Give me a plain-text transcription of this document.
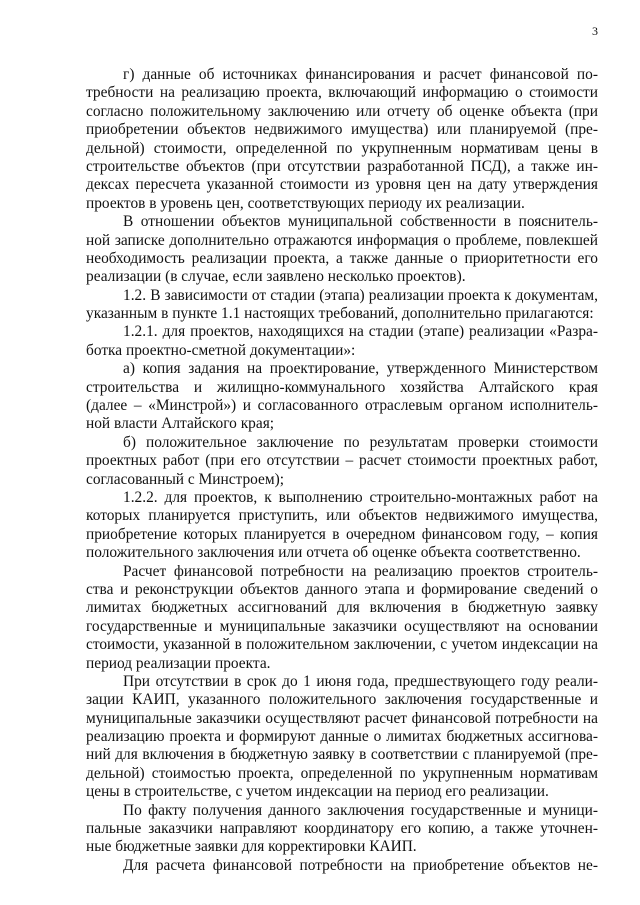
3
г) данные об источниках финансирования и расчет финансовой по-
требности на реализацию проекта, включающий информацию о стоимости
согласно положительному заключению или отчету об оценке объекта (при
приобретении объектов недвижимого имущества) или планируемой (пре-
дельной) стоимости, определенной по укрупненным нормативам цены в
строительстве объектов (при отсутствии разработанной ПСД), а также ин-
дексах пересчета указанной стоимости из уровня цен на дату утверждения
проектов в уровень цен, соответствующих периоду их реализации.
В отношении объектов муниципальной собственности в пояснитель-
ной записке дополнительно отражаются информация о проблеме, повлекшей
необходимость реализации проекта, а также данные о приоритетности его
реализации (в случае, если заявлено несколько проектов).
1.2. В зависимости от стадии (этапа) реализации проекта к документам,
указанным в пункте 1.1 настоящих требований, дополнительно прилагаются:
1.2.1. для проектов, находящихся на стадии (этапе) реализации «Разра-
ботка проектно-сметной документации»:
а) копия задания на проектирование, утвержденного Министерством
строительства и жилищно-коммунального хозяйства Алтайского края
(далее – «Минстрой») и согласованного отраслевым органом исполнитель-
ной власти Алтайского края;
б) положительное заключение по результатам проверки стоимости
проектных работ (при его отсутствии – расчет стоимости проектных работ,
согласованный с Минстроем);
1.2.2. для проектов, к выполнению строительно-монтажных работ на
которых планируется приступить, или объектов недвижимого имущества,
приобретение которых планируется в очередном финансовом году, – копия
положительного заключения или отчета об оценке объекта соответственно.
Расчет финансовой потребности на реализацию проектов строитель-
ства и реконструкции объектов данного этапа и формирование сведений о
лимитах бюджетных ассигнований для включения в бюджетную заявку
государственные и муниципальные заказчики осуществляют на основании
стоимости, указанной в положительном заключении, с учетом индексации на
период реализации проекта.
При отсутствии в срок до 1 июня года, предшествующего году реали-
зации КАИП, указанного положительного заключения государственные и
муниципальные заказчики осуществляют расчет финансовой потребности на
реализацию проекта и формируют данные о лимитах бюджетных ассигнова-
ний для включения в бюджетную заявку в соответствии с планируемой (пре-
дельной) стоимостью проекта, определенной по укрупненным нормативам
цены в строительстве, с учетом индексации на период его реализации.
По факту получения данного заключения государственные и муници-
пальные заказчики направляют координатору его копию, а также уточнен-
ные бюджетные заявки для корректировки КАИП.
Для расчета финансовой потребности на приобретение объектов не-
